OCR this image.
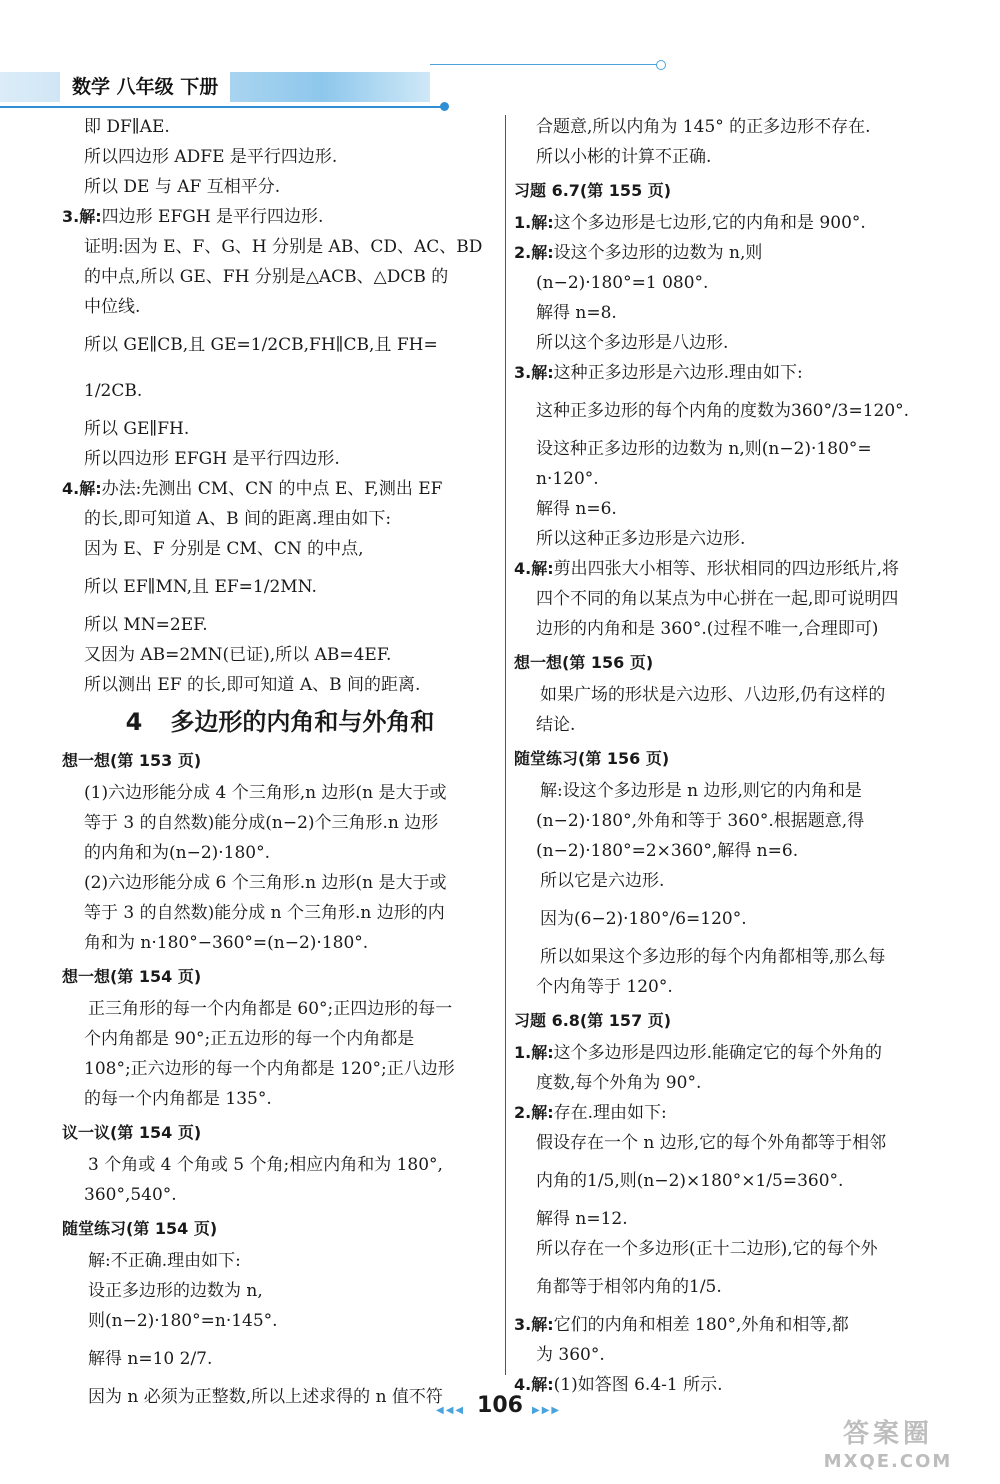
数学 八年级 下册

即 DF∥AE.

所以四边形 ADFE 是平行四边形.

所以 DE 与 AF 互相平分.

3.解:四边形 EFGH 是平行四边形.

证明:因为 E、F、G、H 分别是 AB、CD、AC、BD

的中点,所以 GE、FH 分别是△ACB、△DCB 的

中位线.

所以 GE∥CB,且 GE=1/2CB,FH∥CB,且 FH=

1/2CB.

所以 GE∥FH.

所以四边形 EFGH 是平行四边形.

4.解:办法:先测出 CM、CN 的中点 E、F,测出 EF

的长,即可知道 A、B 间的距离.理由如下:

因为 E、F 分别是 CM、CN 的中点,

所以 EF∥MN,且 EF=1/2MN.

所以 MN=2EF.

又因为 AB=2MN(已证),所以 AB=4EF.

所以测出 EF 的长,即可知道 A、B 间的距离.

4 多边形的内角和与外角和

想一想(第 153 页)

(1)六边形能分成 4 个三角形,n 边形(n 是大于或

等于 3 的自然数)能分成(n−2)个三角形.n 边形

的内角和为(n−2)·180°.

(2)六边形能分成 6 个三角形.n 边形(n 是大于或

等于 3 的自然数)能分成 n 个三角形.n 边形的内

角和为 n·180°−360°=(n−2)·180°.

想一想(第 154 页)

正三角形的每一个内角都是 60°;正四边形的每一

个内角都是 90°;正五边形的每一个内角都是

108°;正六边形的每一个内角都是 120°;正八边形

的每一个内角都是 135°.

议一议(第 154 页)

3 个角或 4 个角或 5 个角;相应内角和为 180°,

360°,540°.

随堂练习(第 154 页)

解:不正确.理由如下:

设正多边形的边数为 n,

则(n−2)·180°=n·145°.

解得 n=10 2/7.

因为 n 必须为正整数,所以上述求得的 n 值不符

合题意,所以内角为 145° 的正多边形不存在.

所以小彬的计算不正确.

习题 6.7(第 155 页)

1.解:这个多边形是七边形,它的内角和是 900°.

2.解:设这个多边形的边数为 n,则

(n−2)·180°=1 080°.

解得 n=8.

所以这个多边形是八边形.

3.解:这种正多边形是六边形.理由如下:

这种正多边形的每个内角的度数为360°/3=120°.

设这种正多边形的边数为 n,则(n−2)·180°=

n·120°.

解得 n=6.

所以这种正多边形是六边形.

4.解:剪出四张大小相等、形状相同的四边形纸片,将

四个不同的角以某点为中心拼在一起,即可说明四

边形的内角和是 360°.(过程不唯一,合理即可)

想一想(第 156 页)

如果广场的形状是六边形、八边形,仍有这样的

结论.

随堂练习(第 156 页)

解:设这个多边形是 n 边形,则它的内角和是

(n−2)·180°,外角和等于 360°.根据题意,得

(n−2)·180°=2×360°,解得 n=6.

所以它是六边形.

因为(6−2)·180°/6=120°.

所以如果这个多边形的每个内角都相等,那么每

个内角等于 120°.

习题 6.8(第 157 页)

1.解:这个多边形是四边形.能确定它的每个外角的

度数,每个外角为 90°.

2.解:存在.理由如下:

假设存在一个 n 边形,它的每个外角都等于相邻

内角的1/5,则(n−2)×180°×1/5=360°.

解得 n=12.

所以存在一个多边形(正十二边形),它的每个外

角都等于相邻内角的1/5.

3.解:它们的内角和相差 180°,外角和相等,都

为 360°.

4.解:(1)如答图 6.4-1 所示.

◀◀◀ 106 ▶▶▶
答案圈
MXQE.COM
